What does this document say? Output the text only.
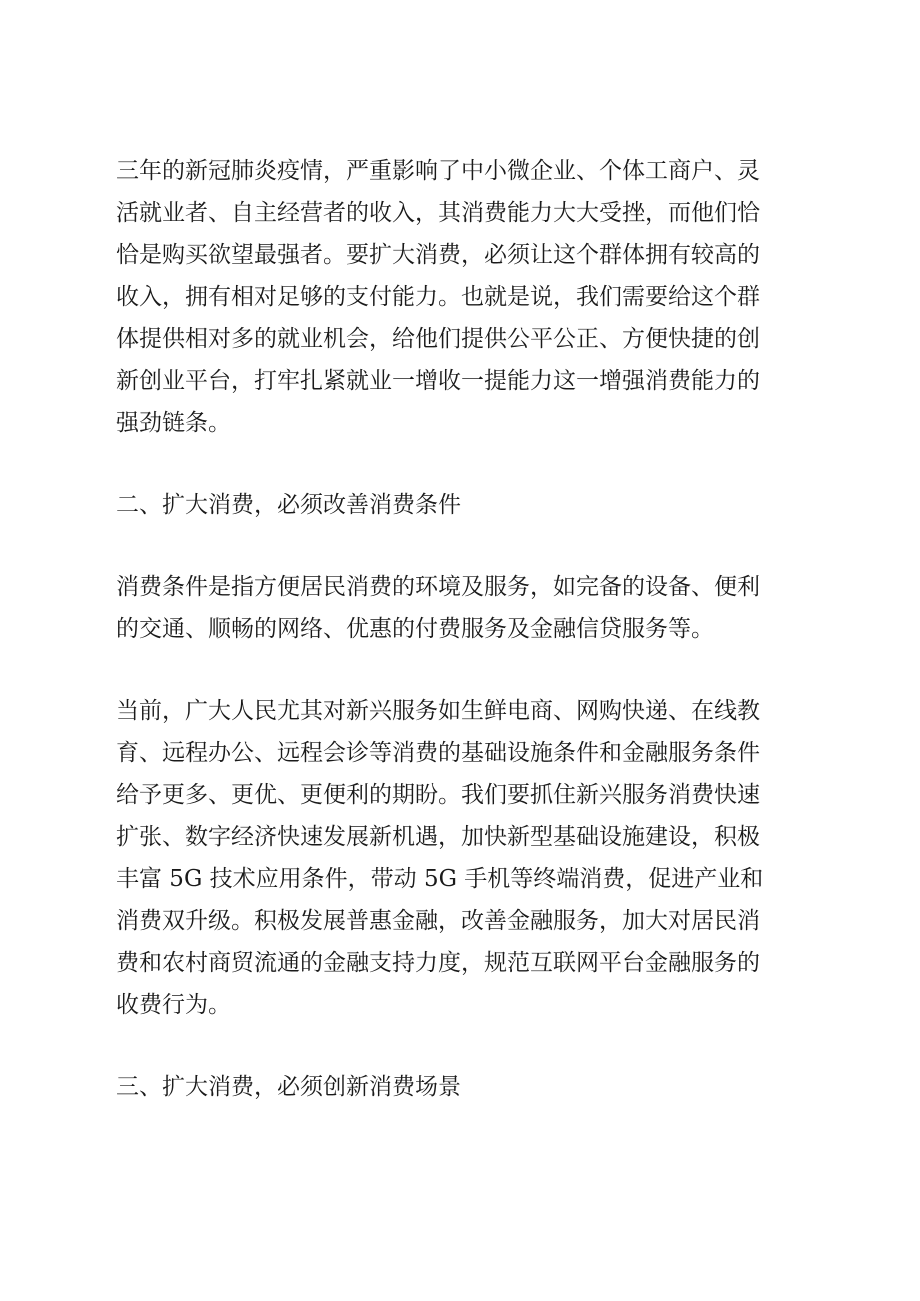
三年的新冠肺炎疫情，严重影响了中小微企业、个体工商户、灵
活就业者、自主经营者的收入，其消费能力大大受挫，而他们恰
恰是购买欲望最强者。要扩大消费，必须让这个群体拥有较高的
收入，拥有相对足够的支付能力。也就是说，我们需要给这个群
体提供相对多的就业机会，给他们提供公平公正、方便快捷的创
新创业平台，打牢扎紧就业一增收一提能力这一增强消费能力的
强劲链条。

二、扩大消费，必须改善消费条件

消费条件是指方便居民消费的环境及服务，如完备的设备、便利
的交通、顺畅的网络、优惠的付费服务及金融信贷服务等。

当前，广大人民尤其对新兴服务如生鲜电商、网购快递、在线教
育、远程办公、远程会诊等消费的基础设施条件和金融服务条件
给予更多、更优、更便利的期盼。我们要抓住新兴服务消费快速
扩张、数字经济快速发展新机遇，加快新型基础设施建设，积极
丰富 5G 技术应用条件，带动 5G 手机等终端消费，促进产业和
消费双升级。积极发展普惠金融，改善金融服务，加大对居民消
费和农村商贸流通的金融支持力度，规范互联网平台金融服务的
收费行为。

三、扩大消费，必须创新消费场景
